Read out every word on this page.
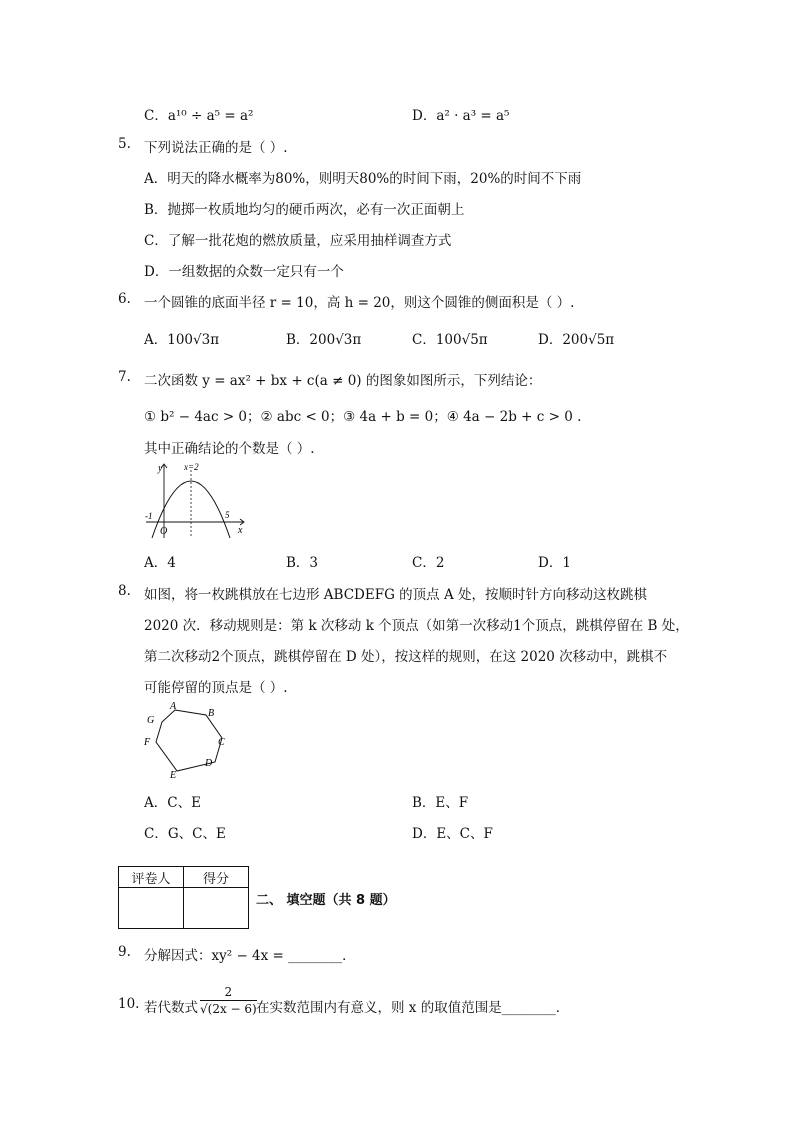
C．a¹⁰ ÷ a⁵ = a²	D．a² · a³ = a⁵
5. 下列说法正确的是（ ）.
A．明天的降水概率为80%，则明天80%的时间下雨，20%的时间不下雨
B．抛掷一枚质地均匀的硬币两次，必有一次正面朝上
C．了解一批花炮的燃放质量，应采用抽样调查方式
D．一组数据的众数一定只有一个
6. 一个圆锥的底面半径 r = 10，高 h = 20，则这个圆锥的侧面积是（ ）.
A．100√3π	B．200√3π	C．100√5π	D．200√5π
7. 二次函数 y = ax² + bx + c(a ≠ 0) 的图象如图所示，下列结论：
① b² − 4ac > 0；② abc < 0；③ 4a + b = 0；④ 4a − 2b + c > 0 .
其中正确结论的个数是（ ）.
y
x
O
-1	5
x=2
A．4	B．3	C．2	D．1
8. 如图，将一枚跳棋放在七边形 ABCDEFG 的顶点 A 处，按顺时针方向移动这枚跳棋
2020 次．移动规则是：第 k 次移动 k 个顶点（如第一次移动1个顶点，跳棋停留在 B 处，
第二次移动2个顶点，跳棋停留在 D 处），按这样的规则，在这 2020 次移动中，跳棋不
可能停留的顶点是（ ）.
A
B
C
D
E
F
G
A．C、E	B．E、F
C．G、C、E	D．E、C、F
评卷人	得分

二、 填空题（共 8 题）
9. 分解因式：xy² − 4x = ________．
10. 若代数式 $\frac{2}{√(2x - 6)}$ 在实数范围内有意义，则 x 的取值范围是________．
